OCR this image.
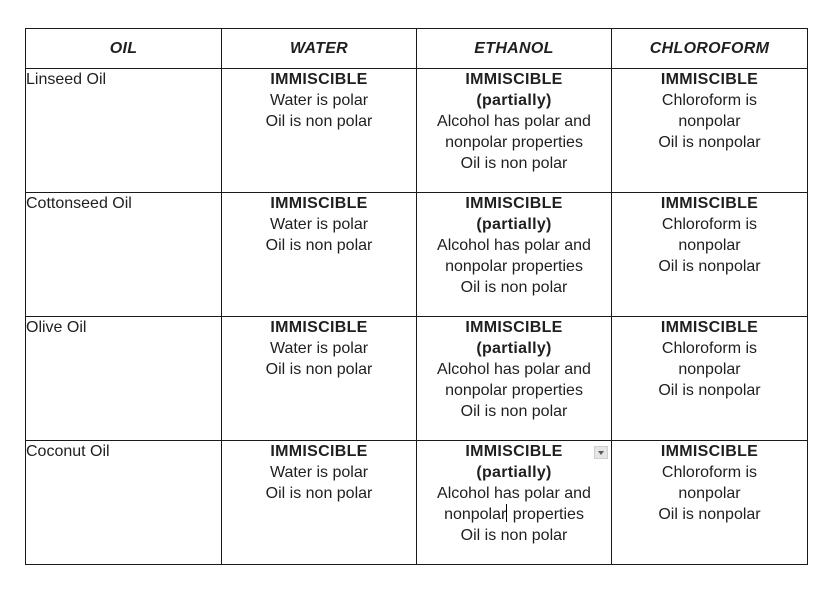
OIL	WATER	ETHANOL	CHLOROFORM
Linseed Oil	IMMISCIBLE
Water is polar
Oil is non polar	IMMISCIBLE
(partially)
Alcohol has polar and
nonpolar properties
Oil is non polar	IMMISCIBLE
Chloroform is
nonpolar
Oil is nonpolar

Cottonseed Oil	IMMISCIBLE
Water is polar
Oil is non polar	IMMISCIBLE
(partially)
Alcohol has polar and
nonpolar properties
Oil is non polar	IMMISCIBLE
Chloroform is
nonpolar
Oil is nonpolar

Olive Oil	IMMISCIBLE
Water is polar
Oil is non polar	IMMISCIBLE
(partially)
Alcohol has polar and
nonpolar properties
Oil is non polar	IMMISCIBLE
Chloroform is
nonpolar
Oil is nonpolar

Coconut Oil	IMMISCIBLE
Water is polar
Oil is non polar	IMMISCIBLE
(partially)
Alcohol has polar and
nonpolar properties
Oil is non polar	IMMISCIBLE
Chloroform is
nonpolar
Oil is nonpolar
